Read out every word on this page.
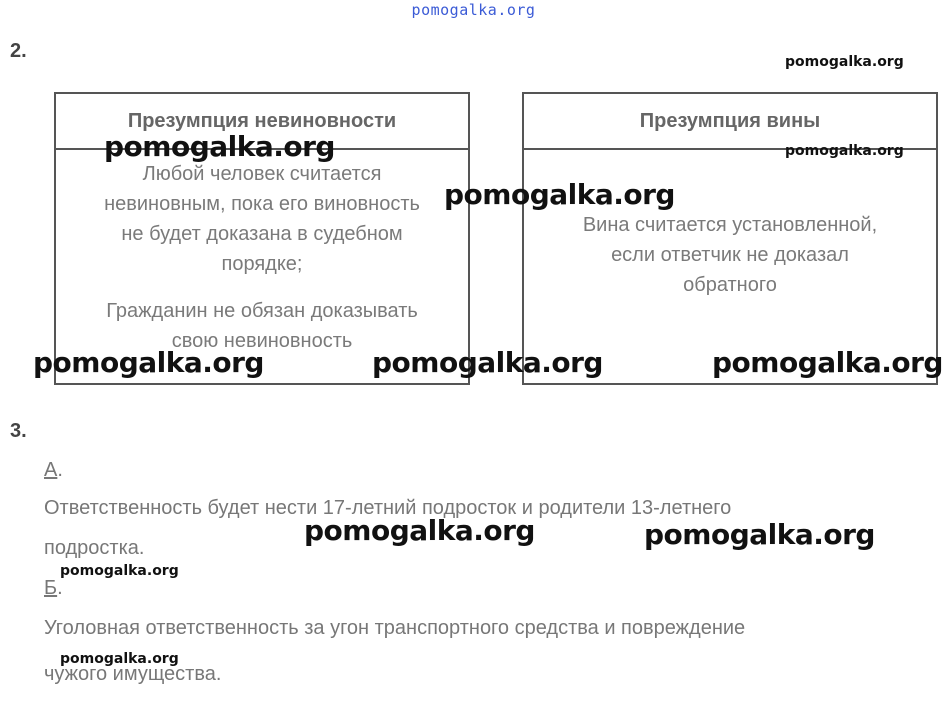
pomogalka.org
2.
Презумпция невиновности
Любой человек считается
невиновным, пока его виновность
не будет доказана в судебном
порядке;
Гражданин не обязан доказывать
свою невиновность
Презумпция вины
Вина считается установленной,
если ответчик не доказал
обратного
3.
А.
Ответственность будет нести 17-летний подросток и родители 13-летнего
подростка.
Б.
Уголовная ответственность за угон транспортного средства и повреждение
чужого имущества.
pomogalka.org
pomogalka.org	pomogalka.org
pomogalka.org
pomogalka.org	pomogalka.org	pomogalka.org
pomogalka.org	pomogalka.org
pomogalka.org
pomogalka.org
